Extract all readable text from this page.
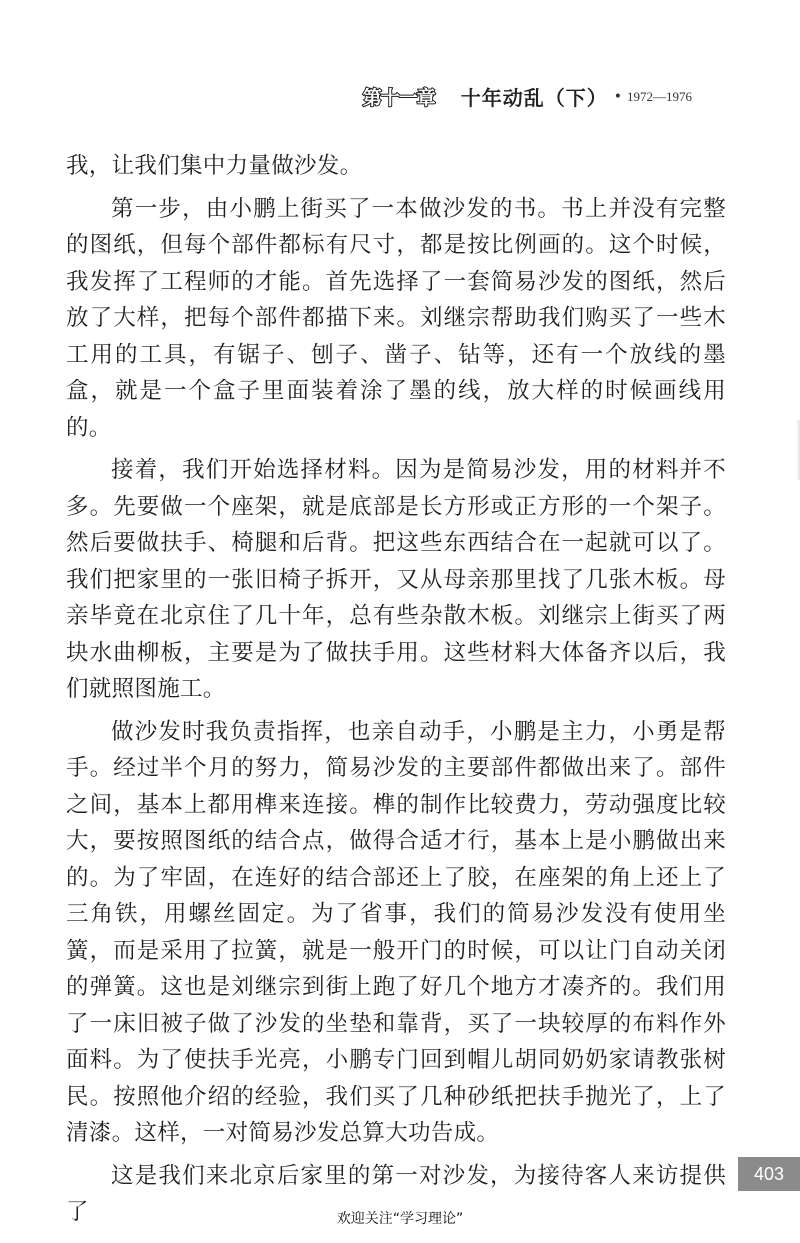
第十一章 十年动乱（下） • 1972—1976

我，让我们集中力量做沙发。

第一步，由小鹏上街买了一本做沙发的书。书上并没有完整的图纸，但每个部件都标有尺寸，都是按比例画的。这个时候，我发挥了工程师的才能。首先选择了一套简易沙发的图纸，然后放了大样，把每个部件都描下来。刘继宗帮助我们购买了一些木工用的工具，有锯子、刨子、凿子、钻等，还有一个放线的墨盒，就是一个盒子里面装着涂了墨的线，放大样的时候画线用的。

接着，我们开始选择材料。因为是简易沙发，用的材料并不多。先要做一个座架，就是底部是长方形或正方形的一个架子。然后要做扶手、椅腿和后背。把这些东西结合在一起就可以了。我们把家里的一张旧椅子拆开，又从母亲那里找了几张木板。母亲毕竟在北京住了几十年，总有些杂散木板。刘继宗上街买了两块水曲柳板，主要是为了做扶手用。这些材料大体备齐以后，我们就照图施工。

做沙发时我负责指挥，也亲自动手，小鹏是主力，小勇是帮手。经过半个月的努力，简易沙发的主要部件都做出来了。部件之间，基本上都用榫来连接。榫的制作比较费力，劳动强度比较大，要按照图纸的结合点，做得合适才行，基本上是小鹏做出来的。为了牢固，在连好的结合部还上了胶，在座架的角上还上了三角铁，用螺丝固定。为了省事，我们的简易沙发没有使用坐簧，而是采用了拉簧，就是一般开门的时候，可以让门自动关闭的弹簧。这也是刘继宗到街上跑了好几个地方才凑齐的。我们用了一床旧被子做了沙发的坐垫和靠背，买了一块较厚的布料作外面料。为了使扶手光亮，小鹏专门回到帽儿胡同奶奶家请教张树民。按照他介绍的经验，我们买了几种砂纸把扶手抛光了，上了清漆。这样，一对简易沙发总算大功告成。

这是我们来北京后家里的第一对沙发，为接待客人来访提供了

403
欢迎关注“学习理论”
